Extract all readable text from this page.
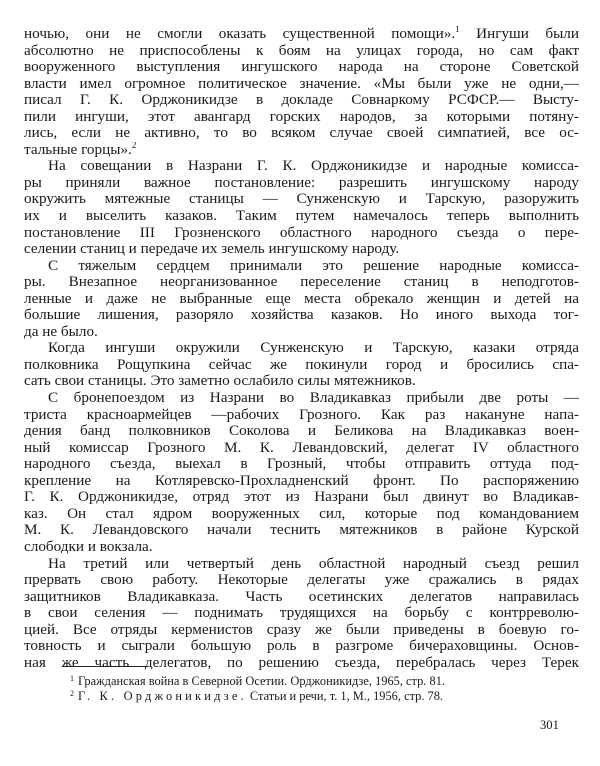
ночью, они не смогли оказать существенной помощи».$^1$ Ингуши были
абсолютно не приспособлены к боям на улицах города, но сам факт
вооруженного выступления ингушского народа на стороне Советской
власти имел огромное политическое значение. «Мы были уже не одни,—
писал Г. К. Орджоникидзе в докладе Совнаркому РСФСР.— Высту-
пили ингуши, этот авангард горских народов, за которыми потяну-
лись, если не активно, то во всяком случае своей симпатией, все ос-
тальные горцы».$^2$

На совещании в Назрани Г. К. Орджоникидзе и народные комисса-
ры приняли важное постановление: разрешить ингушскому народу
окружить мятежные станицы — Сунженскую и Тарскую, разоружить
их и выселить казаков. Таким путем намечалось теперь выполнить
постановление III Грозненского областного народного съезда о пере-
селении станиц и передаче их земель ингушскому народу.

С тяжелым сердцем принимали это решение народные комисса-
ры. Внезапное неорганизованное переселение станиц в неподготов-
ленные и даже не выбранные еще места обрекало женщин и детей на
большие лишения, разоряло хозяйства казаков. Но иного выхода тог-
да не было.

Когда ингуши окружили Сунженскую и Тарскую, казаки отряда
полковника Рощупкина сейчас же покинули город и бросились спа-
сать свои станицы. Это заметно ослабило силы мятежников.

С бронепоездом из Назрани во Владикавказ прибыли две роты —
триста красноармейцев —рабочих Грозного. Как раз накануне напа-
дения банд полковников Соколова и Беликова на Владикавказ воен-
ный комиссар Грозного М. К. Левандовский, делегат IV областного
народного съезда, выехал в Грозный, чтобы отправить оттуда под-
крепление на Котляревско-Прохладненский фронт. По распоряжению
Г. К. Орджоникидзе, отряд этот из Назрани был двинут во Владикав-
каз. Он стал ядром вооруженных сил, которые под командованием
М. К. Левандовского начали теснить мятежников в районе Курской
слободки и вокзала.

На третий или четвертый день областной народный съезд решил
прервать свою работу. Некоторые делегаты уже сражались в рядах
защитников Владикавказа. Часть осетинских делегатов направилась
в свои селения — поднимать трудящихся на борьбу с контрреволю-
цией. Все отряды керменистов сразу же были приведены в боевую го-
товность и сыграли большую роль в разгроме бичераховщины. Основ-
ная же часть делегатов, по решению съезда, перебралась через Терек

$^1$ Гражданская война в Северной Осетии. Орджоникидзе, 1965, стр. 81.
$^2$ Г. К. Орджоникидзе. Статьи и речи, т. 1, М., 1956, стр. 78.
301
